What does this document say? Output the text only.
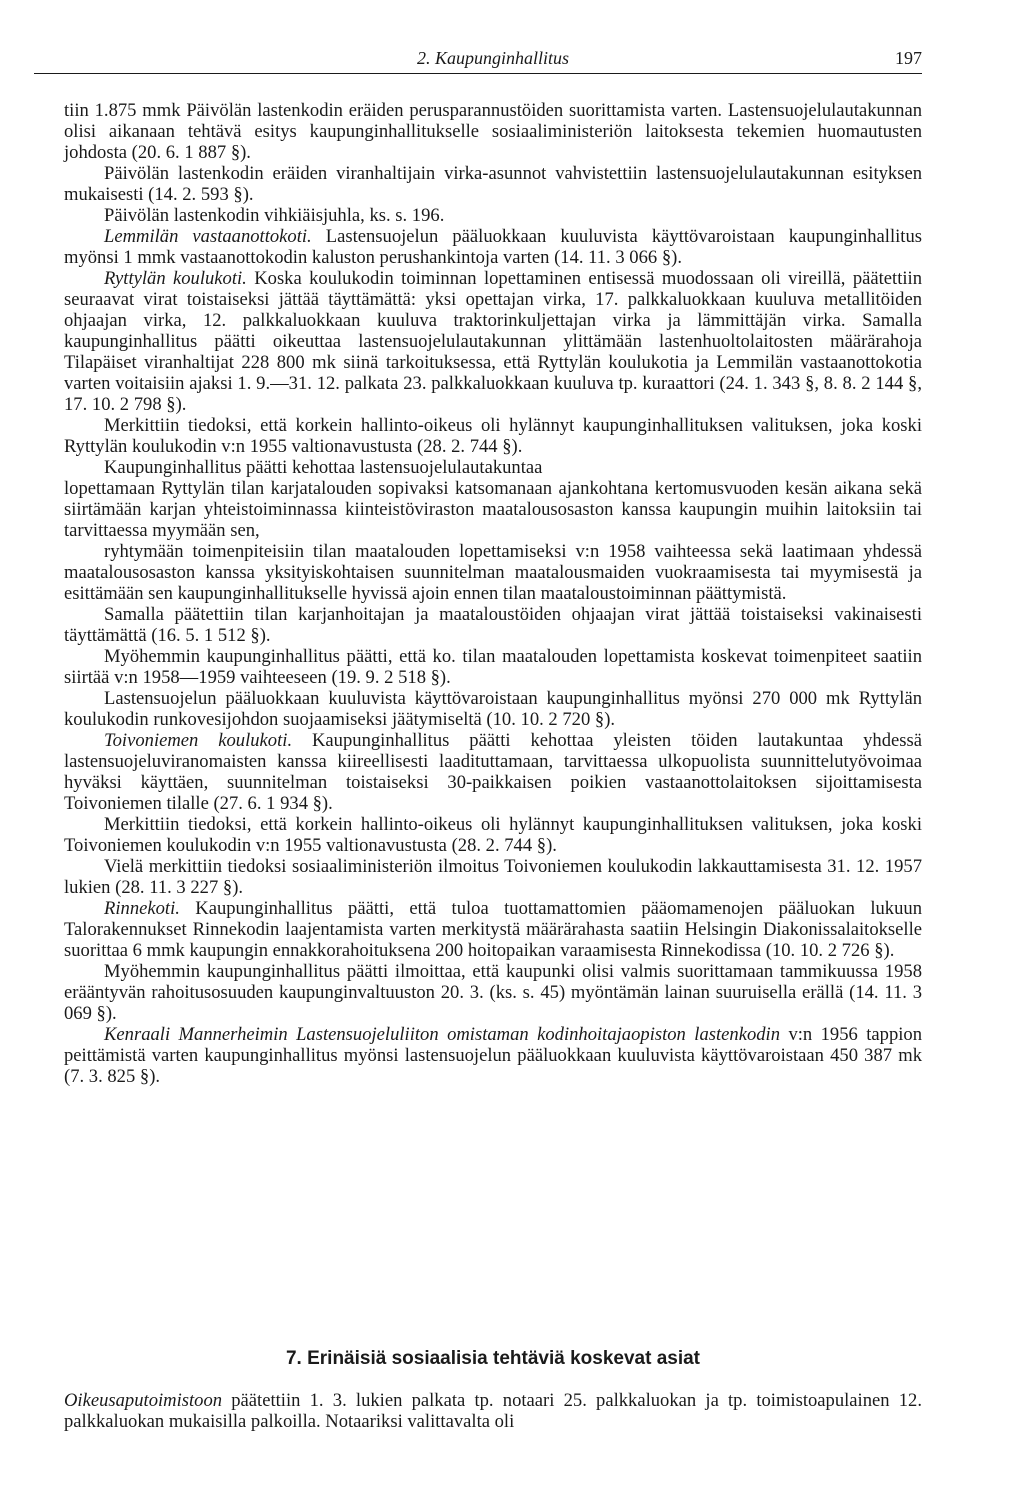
2. Kaupunginhallitus	197

tiin 1.875 mmk Päivölän lastenkodin eräiden perusparannustöiden suorittamista varten. Lastensuojelulautakunnan olisi aikanaan tehtävä esitys kaupunginhallitukselle sosiaaliministeriön laitoksesta tekemien huomautusten johdosta (20. 6. 1 887 §).

Päivölän lastenkodin eräiden viranhaltijain virka-asunnot vahvistettiin lastensuojelulautakunnan esityksen mukaisesti (14. 2. 593 §).

Päivölän lastenkodin vihkiäisjuhla, ks. s. 196.

Lemmilän vastaanottokoti. Lastensuojelun pääluokkaan kuuluvista käyttövaroistaan kaupunginhallitus myönsi 1 mmk vastaanottokodin kaluston perushankintoja varten (14. 11. 3 066 §).

Ryttylän koulukoti. Koska koulukodin toiminnan lopettaminen entisessä muodossaan oli vireillä, päätettiin seuraavat virat toistaiseksi jättää täyttämättä: yksi opettajan virka, 17. palkkaluokkaan kuuluva metallitöiden ohjaajan virka, 12. palkkaluokkaan kuuluva traktorinkuljettajan virka ja lämmittäjän virka. Samalla kaupunginhallitus päätti oikeuttaa lastensuojelulautakunnan ylittämään lastenhuoltolaitosten määrärahoja Tilapäiset viranhaltijat 228 800 mk siinä tarkoituksessa, että Ryttylän koulukotia ja Lemmilän vastaanottokotia varten voitaisiin ajaksi 1. 9.—31. 12. palkata 23. palkkaluokkaan kuuluva tp. kuraattori (24. 1. 343 §, 8. 8. 2 144 §, 17. 10. 2 798 §).

Merkittiin tiedoksi, että korkein hallinto-oikeus oli hylännyt kaupunginhallituksen valituksen, joka koski Ryttylän koulukodin v:n 1955 valtionavustusta (28. 2. 744 §).

Kaupunginhallitus päätti kehottaa lastensuojelulautakuntaa

lopettamaan Ryttylän tilan karjatalouden sopivaksi katsomanaan ajankohtana kertomusvuoden kesän aikana sekä siirtämään karjan yhteistoiminnassa kiinteistöviraston maatalousosaston kanssa kaupungin muihin laitoksiin tai tarvittaessa myymään sen,

ryhtymään toimenpiteisiin tilan maatalouden lopettamiseksi v:n 1958 vaihteessa sekä laatimaan yhdessä maatalousosaston kanssa yksityiskohtaisen suunnitelman maatalousmaiden vuokraamisesta tai myymisestä ja esittämään sen kaupunginhallitukselle hyvissä ajoin ennen tilan maataloustoiminnan päättymistä.

Samalla päätettiin tilan karjanhoitajan ja maataloustöiden ohjaajan virat jättää toistaiseksi vakinaisesti täyttämättä (16. 5. 1 512 §).

Myöhemmin kaupunginhallitus päätti, että ko. tilan maatalouden lopettamista koskevat toimenpiteet saatiin siirtää v:n 1958—1959 vaihteeseen (19. 9. 2 518 §).

Lastensuojelun pääluokkaan kuuluvista käyttövaroistaan kaupunginhallitus myönsi 270 000 mk Ryttylän koulukodin runkovesijohdon suojaamiseksi jäätymiseltä (10. 10. 2 720 §).

Toivoniemen koulukoti. Kaupunginhallitus päätti kehottaa yleisten töiden lautakuntaa yhdessä lastensuojeluviranomaisten kanssa kiireellisesti laadituttamaan, tarvittaessa ulkopuolista suunnittelutyövoimaa hyväksi käyttäen, suunnitelman toistaiseksi 30-paikkaisen poikien vastaanottolaitoksen sijoittamisesta Toivoniemen tilalle (27. 6. 1 934 §).

Merkittiin tiedoksi, että korkein hallinto-oikeus oli hylännyt kaupunginhallituksen valituksen, joka koski Toivoniemen koulukodin v:n 1955 valtionavustusta (28. 2. 744 §).

Vielä merkittiin tiedoksi sosiaaliministeriön ilmoitus Toivoniemen koulukodin lakkauttamisesta 31. 12. 1957 lukien (28. 11. 3 227 §).

Rinnekoti. Kaupunginhallitus päätti, että tuloa tuottamattomien pääomamenojen pääluokan lukuun Talorakennukset Rinnekodin laajentamista varten merkitystä määrärahasta saatiin Helsingin Diakonissalaitokselle suorittaa 6 mmk kaupungin ennakkorahoituksena 200 hoitopaikan varaamisesta Rinnekodissa (10. 10. 2 726 §).

Myöhemmin kaupunginhallitus päätti ilmoittaa, että kaupunki olisi valmis suorittamaan tammikuussa 1958 erääntyvän rahoitusosuuden kaupunginvaltuuston 20. 3. (ks. s. 45) myöntämän lainan suuruisella erällä (14. 11. 3 069 §).

Kenraali Mannerheimin Lastensuojeluliiton omistaman kodinhoitajaopiston lastenkodin v:n 1956 tappion peittämistä varten kaupunginhallitus myönsi lastensuojelun pääluokkaan kuuluvista käyttövaroistaan 450 387 mk (7. 3. 825 §).

7. Erinäisiä sosiaalisia tehtäviä koskevat asiat

Oikeusaputoimistoon päätettiin 1. 3. lukien palkata tp. notaari 25. palkkaluokan ja tp. toimistoapulainen 12. palkkaluokan mukaisilla palkoilla. Notaariksi valittavalta oli
